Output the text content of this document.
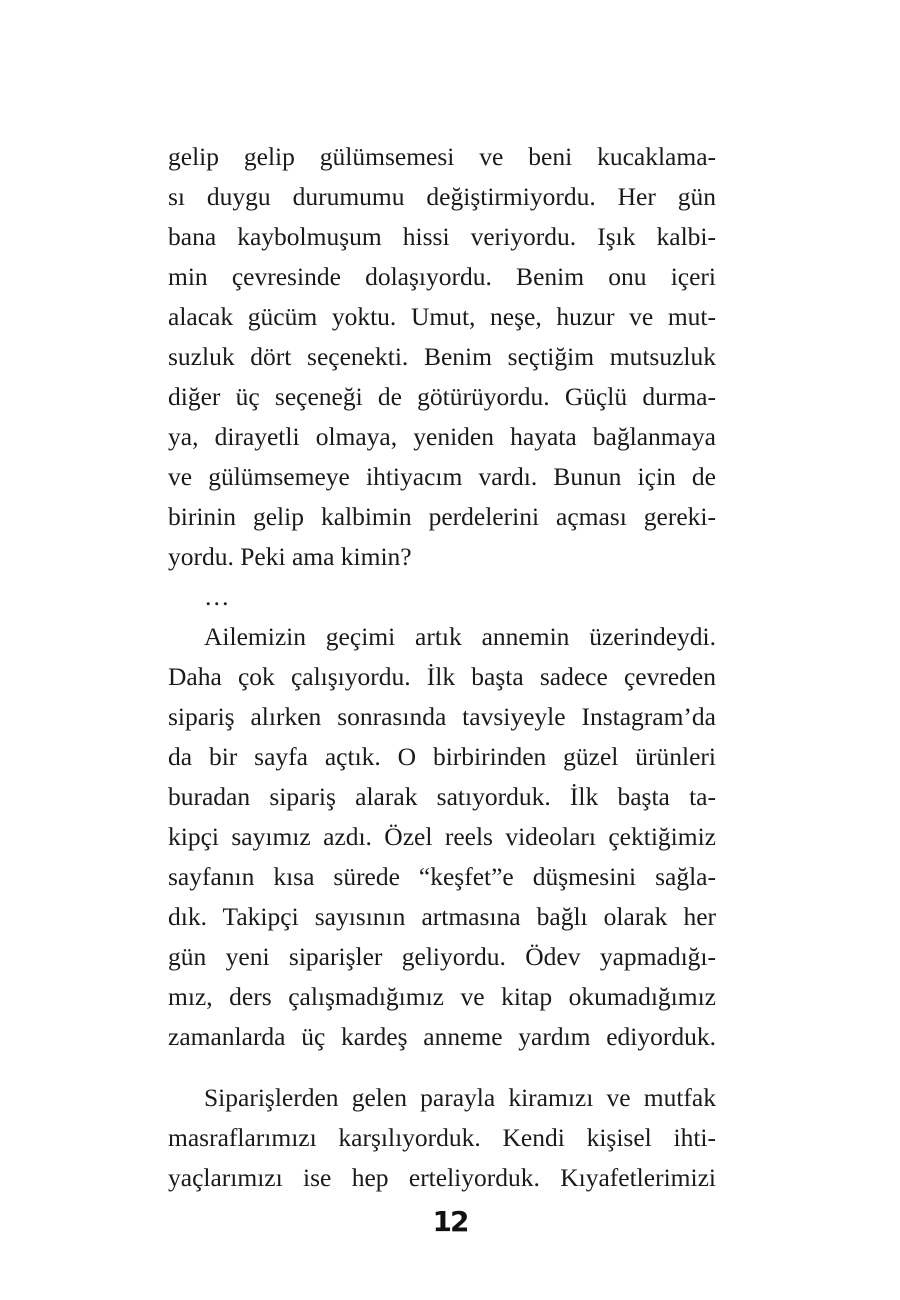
gelip gelip gülümsemesi ve beni kucaklama-
sı duygu durumumu değiştirmiyordu. Her gün
bana kaybolmuşum hissi veriyordu. Işık kalbi-
min çevresinde dolaşıyordu. Benim onu içeri
alacak gücüm yoktu. Umut, neşe, huzur ve mut-
suzluk dört seçenekti. Benim seçtiğim mutsuzluk
diğer üç seçeneği de götürüyordu. Güçlü durma-
ya, dirayetli olmaya, yeniden hayata bağlanmaya
ve gülümsemeye ihtiyacım vardı. Bunun için de
birinin gelip kalbimin perdelerini açması gereki-
yordu. Peki ama kimin?
…
Ailemizin geçimi artık annemin üzerindeydi.
Daha çok çalışıyordu. İlk başta sadece çevreden
sipariş alırken sonrasında tavsiyeyle Instagram’da
da bir sayfa açtık. O birbirinden güzel ürünleri
buradan sipariş alarak satıyorduk. İlk başta ta-
kipçi sayımız azdı. Özel reels videoları çektiğimiz
sayfanın kısa sürede “keşfet”e düşmesini sağla-
dık. Takipçi sayısının artmasına bağlı olarak her
gün yeni siparişler geliyordu. Ödev yapmadığı-
mız, ders çalışmadığımız ve kitap okumadığımız
zamanlarda üç kardeş anneme yardım ediyorduk.
Siparişlerden gelen parayla kiramızı ve mutfak
masraflarımızı karşılıyorduk. Kendi kişisel ihti-
yaçlarımızı ise hep erteliyorduk. Kıyafetlerimizi
12
